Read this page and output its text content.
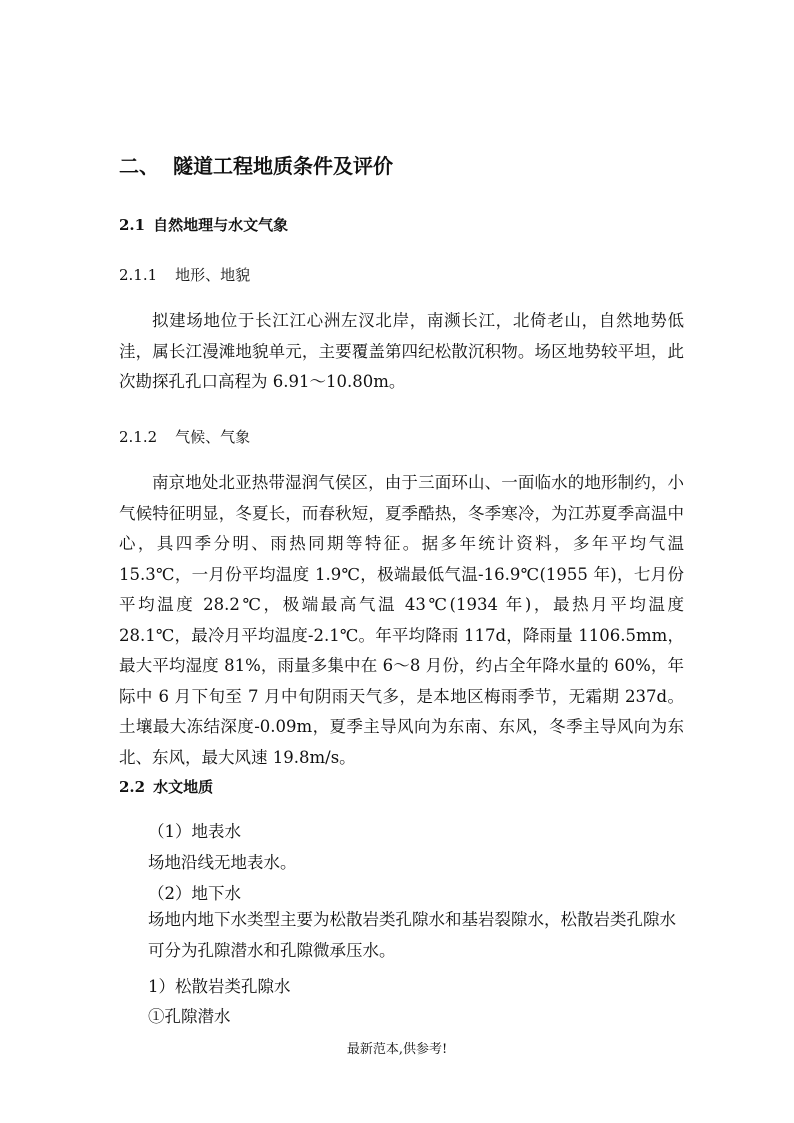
二、 隧道工程地质条件及评价
2.1 自然地理与水文气象
2.1.1 地形、地貌

拟建场地位于长江江心洲左汊北岸，南濒长江，北倚老山，自然地势低洼，属长江漫滩地貌单元，主要覆盖第四纪松散沉积物。场区地势较平坦，此次勘探孔孔口高程为 6.91～10.80m。

2.1.2 气候、气象

南京地处北亚热带湿润气侯区，由于三面环山、一面临水的地形制约，小气候特征明显，冬夏长，而春秋短，夏季酷热，冬季寒冷，为江苏夏季高温中心，具四季分明、雨热同期等特征。据多年统计资料，多年平均气温 15.3℃，一月份平均温度 1.9℃，极端最低气温-16.9℃(1955 年)，七月份平均温度 28.2℃，极端最高气温 43℃(1934 年)，最热月平均温度 28.1℃，最冷月平均温度-2.1℃。年平均降雨 117d，降雨量 1106.5mm，最大平均湿度 81%，雨量多集中在 6～8 月份，约占全年降水量的 60%，年际中 6 月下旬至 7 月中旬阴雨天气多，是本地区梅雨季节，无霜期 237d。土壤最大冻结深度-0.09m，夏季主导风向为东南、东风，冬季主导风向为东北、东风，最大风速 19.8m/s。

2.2 水文地质
（1）地表水
场地沿线无地表水。
（2）地下水
场地内地下水类型主要为松散岩类孔隙水和基岩裂隙水，松散岩类孔隙水可分为孔隙潜水和孔隙微承压水。
1）松散岩类孔隙水
①孔隙潜水
最新范本,供参考!
